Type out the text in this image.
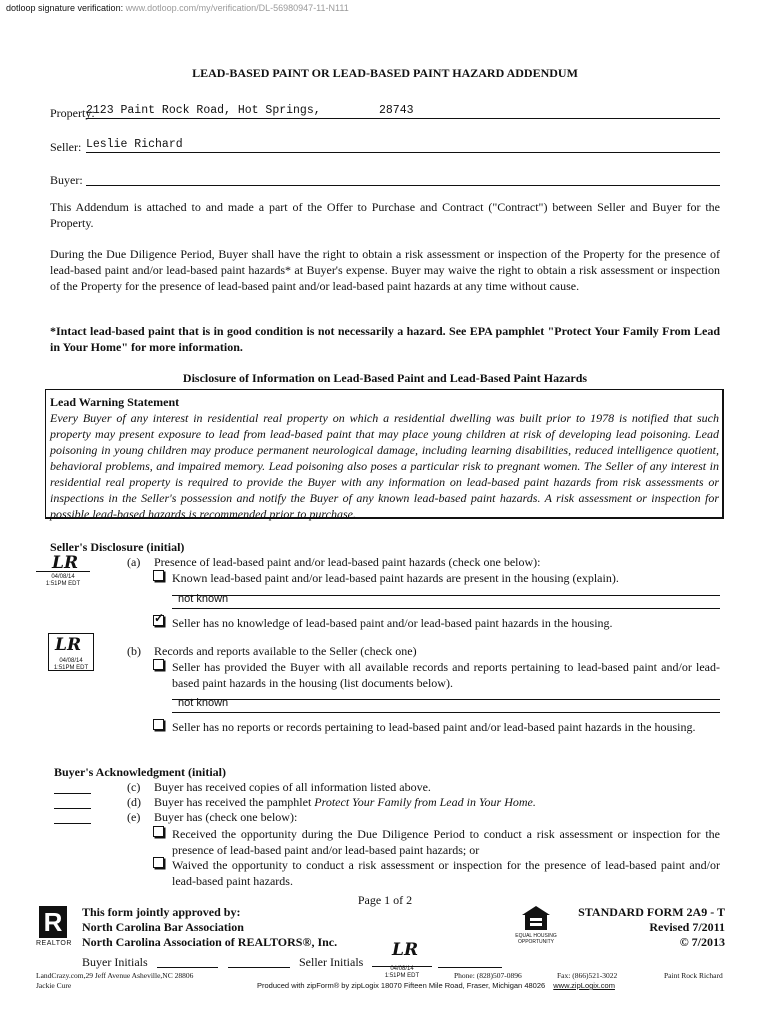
dotloop signature verification: www.dotloop.com/my/verification/DL-56980947-11-N111
LEAD-BASED PAINT OR LEAD-BASED PAINT HAZARD ADDENDUM
Property:
2123 Paint Rock Road, Hot Springs,	28743
Seller: Leslie Richard
Buyer:
This Addendum is attached to and made a part of the Offer to Purchase and Contract ("Contract") between Seller and Buyer for the Property.
During the Due Diligence Period, Buyer shall have the right to obtain a risk assessment or inspection of the Property for the presence of lead-based paint and/or lead-based paint hazards* at Buyer's expense. Buyer may waive the right to obtain a risk assessment or inspection of the Property for the presence of lead-based paint and/or lead-based paint hazards at any time without cause.
*Intact lead-based paint that is in good condition is not necessarily a hazard. See EPA pamphlet "Protect Your Family From Lead in Your Home" for more information.
Disclosure of Information on Lead-Based Paint and Lead-Based Paint Hazards
Lead Warning Statement
Every Buyer of any interest in residential real property on which a residential dwelling was built prior to 1978 is notified that such property may present exposure to lead from lead-based paint that may place young children at risk of developing lead poisoning. Lead poisoning in young children may produce permanent neurological damage, including learning disabilities, reduced intelligence quotient, behavioral problems, and impaired memory. Lead poisoning also poses a particular risk to pregnant women. The Seller of any interest in residential real property is required to provide the Buyer with any information on lead-based paint hazards from risk assessments or inspections in the Seller's possession and notify the Buyer of any known lead-based paint hazards. A risk assessment or inspection for possible lead-based hazards is recommended prior to purchase.
Seller's Disclosure (initial)
LR
04/08/14
1:51PM EDT
(a) Presence of lead-based paint and/or lead-based paint hazards (check one below):
Known lead-based paint and/or lead-based paint hazards are present in the housing (explain).
not known
✓ Seller has no knowledge of lead-based paint and/or lead-based paint hazards in the housing.
LR
04/08/14
1:51PM EDT
(b) Records and reports available to the Seller (check one)
Seller has provided the Buyer with all available records and reports pertaining to lead-based paint and/or lead-based paint hazards in the housing (list documents below).
not known
Seller has no reports or records pertaining to lead-based paint and/or lead-based paint hazards in the housing.
Buyer's Acknowledgment (initial)
(c) Buyer has received copies of all information listed above.
(d) Buyer has received the pamphlet Protect Your Family from Lead in Your Home.
(e) Buyer has (check one below):
Received the opportunity during the Due Diligence Period to conduct a risk assessment or inspection for the presence of lead-based paint and/or lead-based paint hazards; or
Waived the opportunity to conduct a risk assessment or inspection for the presence of lead-based paint and/or lead-based paint hazards.
Page 1 of 2
R
REALTOR
This form jointly approved by:
North Carolina Bar Association
North Carolina Association of REALTORS®, Inc.	EQUAL HOUSING
OPPORTUNITY
STANDARD FORM 2A9 - T
Revised 7/2011
© 7/2013
Buyer Initials	Seller Initials
LR
04/08/14
1:51PM EDT
LandCrazy.com,29 Jeff Avenue Asheville,NC 28806
Jackie Cure
Phone: (828)507-0896	Fax: (866)521-3022	Paint Rock Richard
Produced with zipForm® by zipLogix 18070 Fifteen Mile Road, Fraser, Michigan 48026 www.zipLogix.com
